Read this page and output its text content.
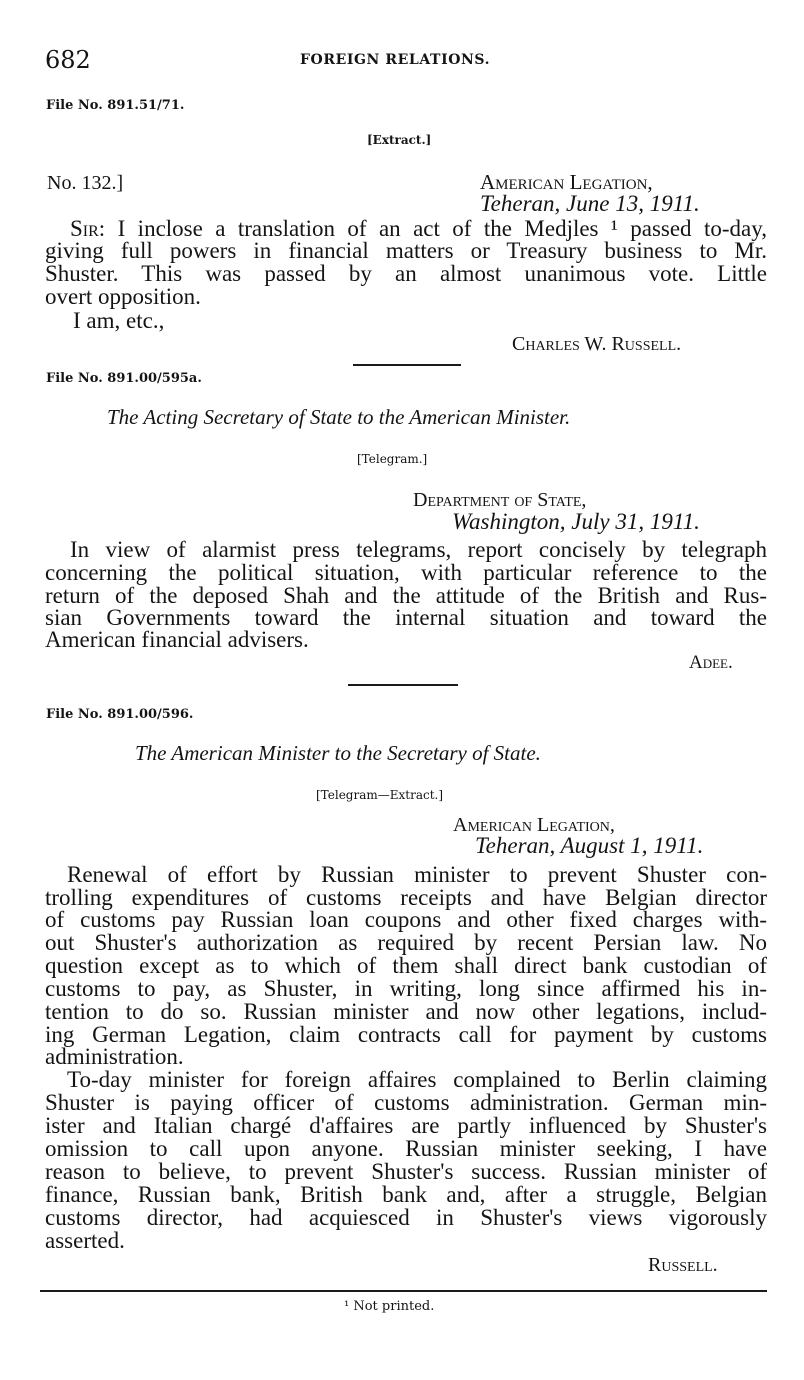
682	FOREIGN RELATIONS.
File No. 891.51/71.
[Extract.]
No. 132.]	American Legation,
Teheran, June 13, 1911.
Sir: I inclose a translation of an act of the Medjles ¹ passed to-day,
giving full powers in financial matters or Treasury business to Mr.
Shuster. This was passed by an almost unanimous vote. Little
overt opposition.
I am, etc.,
Charles W. Russell.
File No. 891.00/595a.
The Acting Secretary of State to the American Minister.
[Telegram.]
Department of State,
Washington, July 31, 1911.
In view of alarmist press telegrams, report concisely by telegraph
concerning the political situation, with particular reference to the
return of the deposed Shah and the attitude of the British and Rus-
sian Governments toward the internal situation and toward the
American financial advisers.
Adee.
File No. 891.00/596.
The American Minister to the Secretary of State.
[Telegram—Extract.]
American Legation,
Teheran, August 1, 1911.
Renewal of effort by Russian minister to prevent Shuster con-
trolling expenditures of customs receipts and have Belgian director
of customs pay Russian loan coupons and other fixed charges with-
out Shuster's authorization as required by recent Persian law. No
question except as to which of them shall direct bank custodian of
customs to pay, as Shuster, in writing, long since affirmed his in-
tention to do so. Russian minister and now other legations, includ-
ing German Legation, claim contracts call for payment by customs
administration.
To-day minister for foreign affaires complained to Berlin claiming
Shuster is paying officer of customs administration. German min-
ister and Italian chargé d'affaires are partly influenced by Shuster's
omission to call upon anyone. Russian minister seeking, I have
reason to believe, to prevent Shuster's success. Russian minister of
finance, Russian bank, British bank and, after a struggle, Belgian
customs director, had acquiesced in Shuster's views vigorously
asserted.
Russell.
¹ Not printed.
